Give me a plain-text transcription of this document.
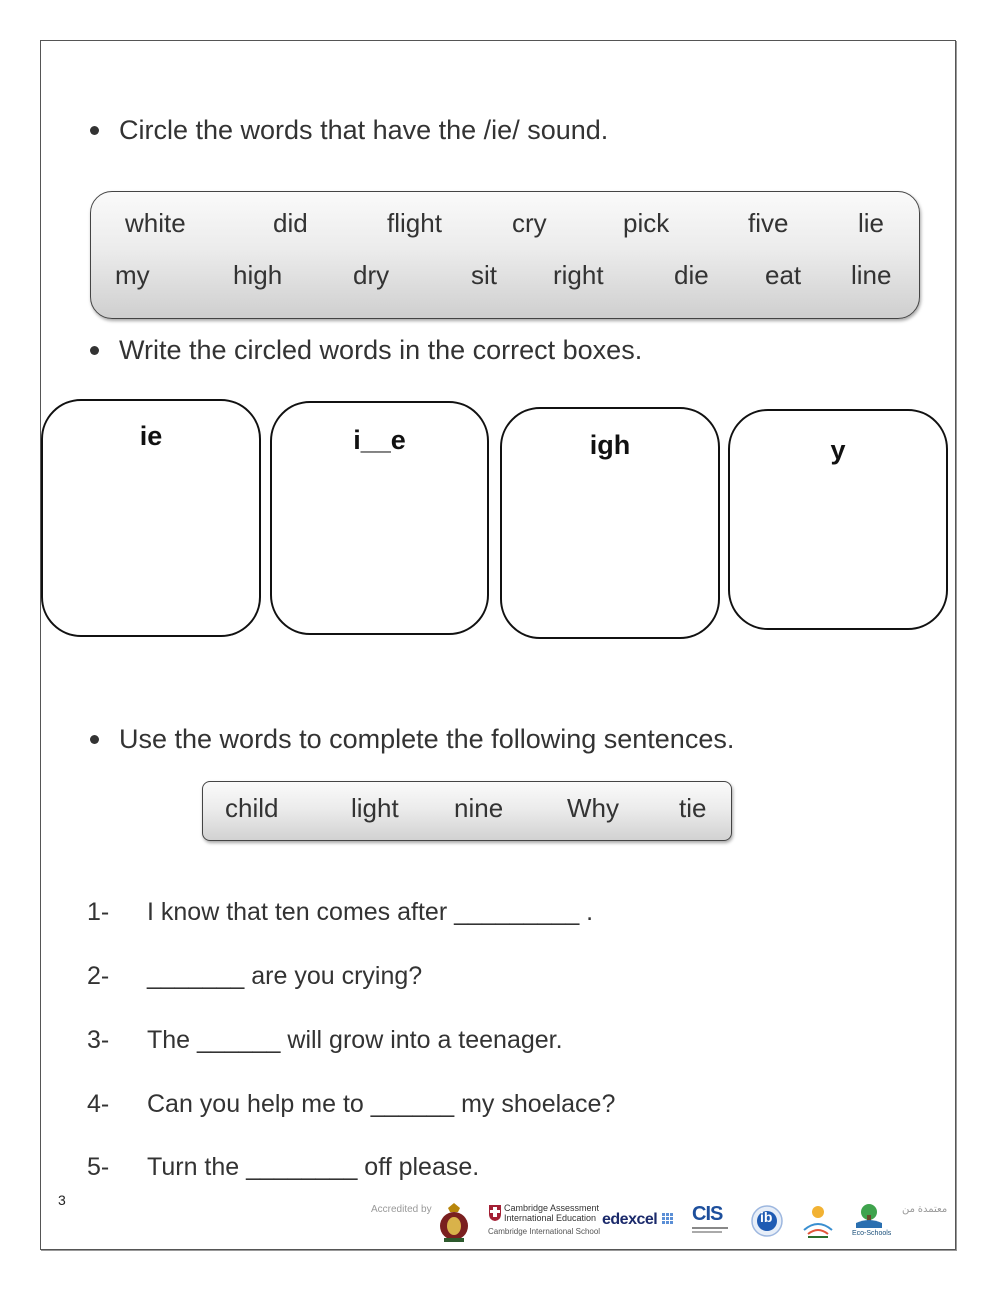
Circle the words that have the /ie/ sound.
white	did	flight	cry	pick	five	lie
my	high	dry	sit right	die eat line
Write the circled words in the correct boxes.
ie	i__e	igh	y
Use the words to complete the following sentences.
child	light nine Why tie
1- I know that ten comes after _________ .
2- _______ are you crying?
3- The ______ will grow into a teenager.
4- Can you help me to ______ my shoelace?
5- Turn the ________ off please.
3
Accredited by	Cambridge Assessment
International Education
Cambridge International School
edexcel CIS	ib
Eco-Schools
معتمدة من
